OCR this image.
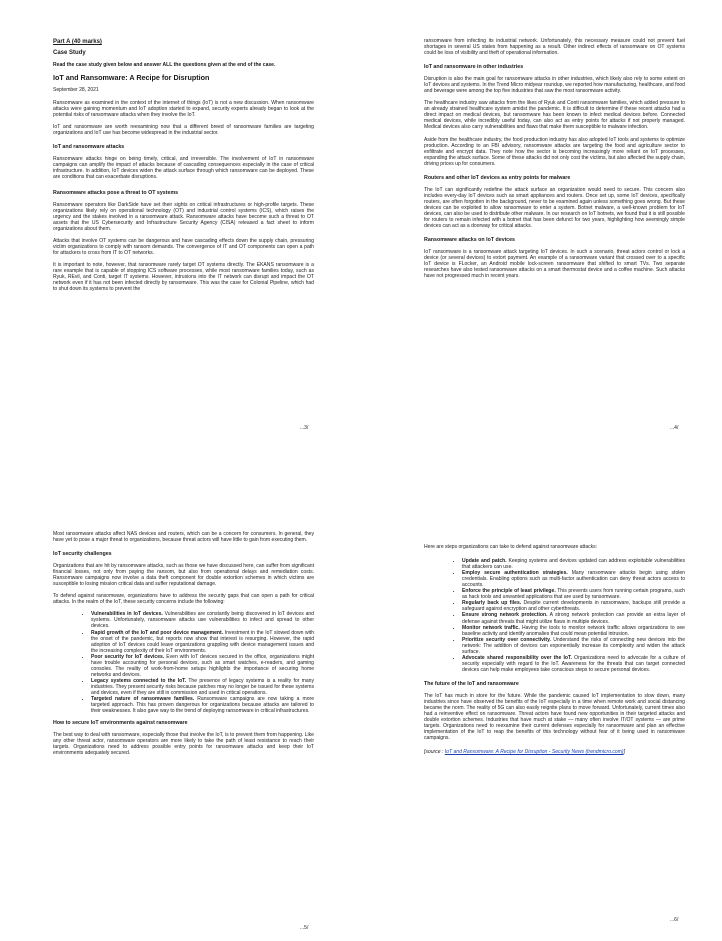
Part A (40 marks)
Case Study

Read the case study given below and answer ALL the questions given at the end of the case.

IoT and Ransomware: A Recipe for Disruption

September 28, 2021

Ransomware as examined in the context of the internet of things (IoT) is not a new discussion. When ransomware attacks were gaining momentum and IoT adoption started to expand, security experts already began to look at the potential risks of ransomware attacks when they involve the IoT.

IoT and ransomware are worth reexamining now that a different breed of ransomware families are targeting organizations and IoT use has become widespread in the industrial sector.

IoT and ransomware attacks

Ransomware attacks hinge on being timely, critical, and irreversible. The involvement of IoT in ransomware campaigns can amplify the impact of attacks because of cascading consequences especially in the case of critical infrastructure. In addition, IoT devices widen the attack surface through which ransomware can be deployed. These are conditions that can exacerbate disruptions.

Ransomware attacks pose a threat to OT systems

Ransomware operators like DarkSide have set their sights on critical infrastructures or high-profile targets. These organizations likely rely on operational technology (OT) and industrial control systems (ICS), which raises the urgency and the stakes involved in a ransomware attack. Ransomware attacks have become such a threat to OT assets that the US Cybersecurity and Infrastructure Security Agency (CISA) released a fact sheet to inform organizations about them.

Attacks that involve OT systems can be dangerous and have cascading effects down the supply chain, pressuring victim organizations to comply with ransom demands. The convergence of IT and OT components can open a path for attackers to cross from IT to OT networks.

It is important to note, however, that ransomware rarely target OT systems directly. The EKANS ransomware is a rare example that is capable of stopping ICS software processes, while most ransomware families today, such as Ryuk, REvil, and Conti, target IT systems. However, intrusions into the IT network can disrupt and impact the OT network even if it has not been infected directly by ransomware. This was the case for Colonial Pipeline, which had to shut down its systems to prevent the

...3/

ransomware from infecting its industrial network. Unfortunately, this necessary measure could not prevent fuel shortages in several US states from happening as a result. Other indirect effects of ransomware on OT systems could be loss of visibility and theft of operational information.

IoT and ransomware in other industries

Disruption is also the main goal for ransomware attacks in other industries, which likely also rely to some extent on IoT devices and systems. In the Trend Micro midyear roundup, we reported how manufacturing, healthcare, and food and beverage were among the top five industries that saw the most ransomware activity.

The healthcare industry saw attacks from the likes of Ryuk and Conti ransomware families, which added pressure to an already strained healthcare system amidst the pandemic. It is difficult to determine if these recent attacks had a direct impact on medical devices, but ransomware has been known to infect medical devices before. Connected medical devices, while incredibly useful today, can also act as entry points for attacks if not properly managed. Medical devices also carry vulnerabilities and flaws that make them susceptible to malware infection.

Aside from the healthcare industry, the food production industry has also adopted IoT tools and systems to optimize production. According to an FBI advisory, ransomware attacks are targeting the food and agriculture sector to exfiltrate and encrypt data. They note how the sector is becoming increasingly more reliant on IoT processes, expanding the attack surface. Some of these attacks did not only cost the victims, but also affected the supply chain, driving prices up for consumers.

Routers and other IoT devices as entry points for malware

The IoT can significantly redefine the attack surface an organization would need to secure. This concern also includes every-day IoT devices such as smart appliances and routers. Once set up, some IoT devices, specifically routers, are often forgotten in the background, never to be examined again unless something goes wrong. But these devices can be exploited to allow ransomware to enter a system. Botnet malware, a well-known problem for IoT devices, can also be used to distribute other malware. In our research on IoT botnets, we found that it is still possible for routers to remain infected with a botnet that has been defunct for two years, highlighting how seemingly simple devices can act as a doorway for critical attacks.

Ransomware attacks on IoT devices

IoT ransomware is a ransomware attack targeting IoT devices. In such a scenario, threat actors control or lock a device (or several devices) to extort payment. An example of a ransomware variant that crossed over to a specific IoT device is FLocker, an Android mobile lock-screen ransomware that shifted to smart TVs. Two separate researches have also tested ransomware attacks on a smart thermostat device and a coffee machine. Such attacks have not progressed much in recent years.

...4/

Most ransomware attacks affect NAS devices and routers, which can be a concern for consumers. In general, they have yet to pose a major threat to organizations, because threat actors will have little to gain from executing them.

IoT security challenges

Organizations that are hit by ransomware attacks, such as those we have discussed here, can suffer from significant financial losses, not only from paying the ransom, but also from operational delays and remediation costs. Ransomware campaigns now involve a data theft component for double extortion schemes in which victims are susceptible to losing mission critical data and suffer reputational damage.

To defend against ransomware, organizations have to address the security gaps that can open a path for critical attacks. In the realm of the IoT, these security concerns include the following:

• Vulnerabilities in IoT devices. Vulnerabilities are constantly being discovered in IoT devices and systems. Unfortunately, ransomware attacks use vulnerabilities to infect and spread to other devices.
• Rapid growth of the IoT and poor device management. Investment in the IoT slowed down with the onset of the pandemic, but reports now show that interest is resurging. However, the rapid adoption of IoT devices could leave organizations grappling with device management issues and the increasing complexity of their IoT environments.
• Poor security for IoT devices. Even with IoT devices secured in the office, organizations might have trouble accounting for personal devices, such as smart watches, e-readers, and gaming consoles. The reality of work-from-home setups highlights the importance of securing home networks and devices.
• Legacy systems connected to the IoT. The presence of legacy systems is a reality for many industries. They present security risks because patches may no longer be issued for these systems and devices, even if they are still in commission and used in critical operations.
• Targeted nature of ransomware families. Ransomware campaigns are now taking a more targeted approach. This has proven dangerous for organizations because attacks are tailored to their weaknesses. It also gave way to the trend of deploying ransomware in critical infrastructures.
How to secure IoT environments against ransomware

The best way to deal with ransomware, especially those that involve the IoT, is to prevent them from happening. Like any other threat actor, ransomware operators are more likely to take the path of least resistance to reach their targets. Organizations need to address possible entry points for ransomware attacks and keep their IoT environments adequately secured.

...5/

Here are steps organizations can take to defend against ransomware attacks:

• Update and patch. Keeping systems and devices updated can address exploitable vulnerabilities that attackers can use.
• Employ secure authentication strategies. Many ransomware attacks begin using stolen credentials. Enabling options such as multi-factor authentication can deny threat actors access to accounts.
• Enforce the principle of least privilege. This prevents users from running certain programs, such as hack tools and unwanted applications that are used by ransomware.
• Regularly back up files. Despite current developments in ransomware, backups still provide a safeguard against encryption and other cyberthreats.
• Ensure strong network protection. A strong network protection can provide an extra layer of defense against threats that might utilize flaws in multiple devices.
• Monitor network traffic. Having the tools to monitor network traffic allows organizations to see baseline activity and identify anomalies that could mean potential intrusion.
• Prioritize security over connectivity. Understand the risks of connecting new devices into the network: The addition of devices can exponentially increase its complexity and widen the attack surface.
• Advocate shared responsibility over the IoT. Organizations need to advocate for a culture of security especially with regard to the IoT. Awareness for the threats that can target connected devices can help make employees take conscious steps to secure personal devices.
The future of the IoT and ransomware

The IoT has much in store for the future. While the pandemic caused IoT implementation to slow down, many industries since have observed the benefits of the IoT especially in a time when remote work and social distancing became the norm. The reality of 5G can also easily reignite plans to move forward. Unfortunately, current times also had a reinventive effect on ransomware. Threat actors have found new opportunities in their targeted attacks and double extortion schemes. Industries that have much at stake — many often involve IT/OT systems — are prime targets. Organizations need to reexamine their current defenses especially for ransomware and plan an effective implementation of the IoT to reap the benefits of this technology without fear of it being used in ransomware campaigns.

[source : IoT and Ransomware: A Recipe for Disruption - Security News (trendmicro.com)]

...6/
